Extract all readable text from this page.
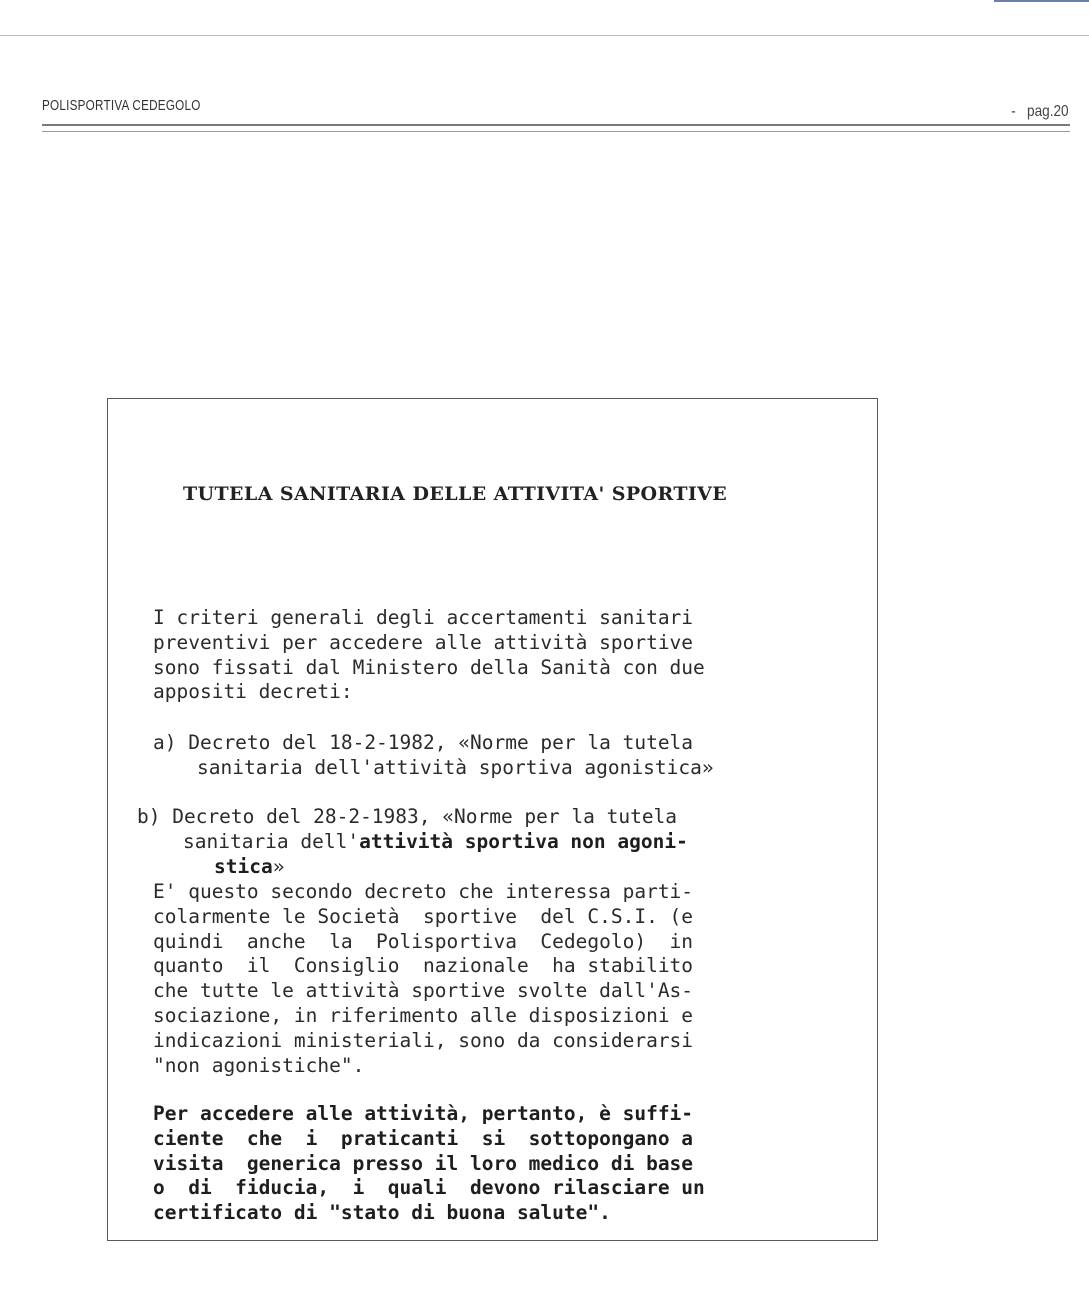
POLISPORTIVA CEDEGOLO	-   pag.20
TUTELA SANITARIA DELLE ATTIVITA' SPORTIVE
I criteri generali degli accertamenti sanitari
preventivi per accedere alle attività sportive
sono fissati dal Ministero della Sanità con due
appositi decreti:
a) Decreto del 18-2-1982, «Norme per la tutela
sanitaria dell'attività sportiva agonistica»
b) Decreto del 28-2-1983, «Norme per la tutela
sanitaria dell'attività sportiva non agoni-
stica»
E' questo secondo decreto che interessa parti-
colarmente le Società  sportive  del C.S.I. (e
quindi  anche  la  Polisportiva  Cedegolo)  in
quanto  il  Consiglio  nazionale  ha stabilito
che tutte le attività sportive svolte dall'As-
sociazione, in riferimento alle disposizioni e
indicazioni ministeriali, sono da considerarsi
"non agonistiche".
Per accedere alle attività, pertanto, è suffi-
ciente  che  i  praticanti  si  sottopongano a
visita  generica presso il loro medico di base
o  di  fiducia,  i  quali  devono rilasciare un
certificato di "stato di buona salute".
